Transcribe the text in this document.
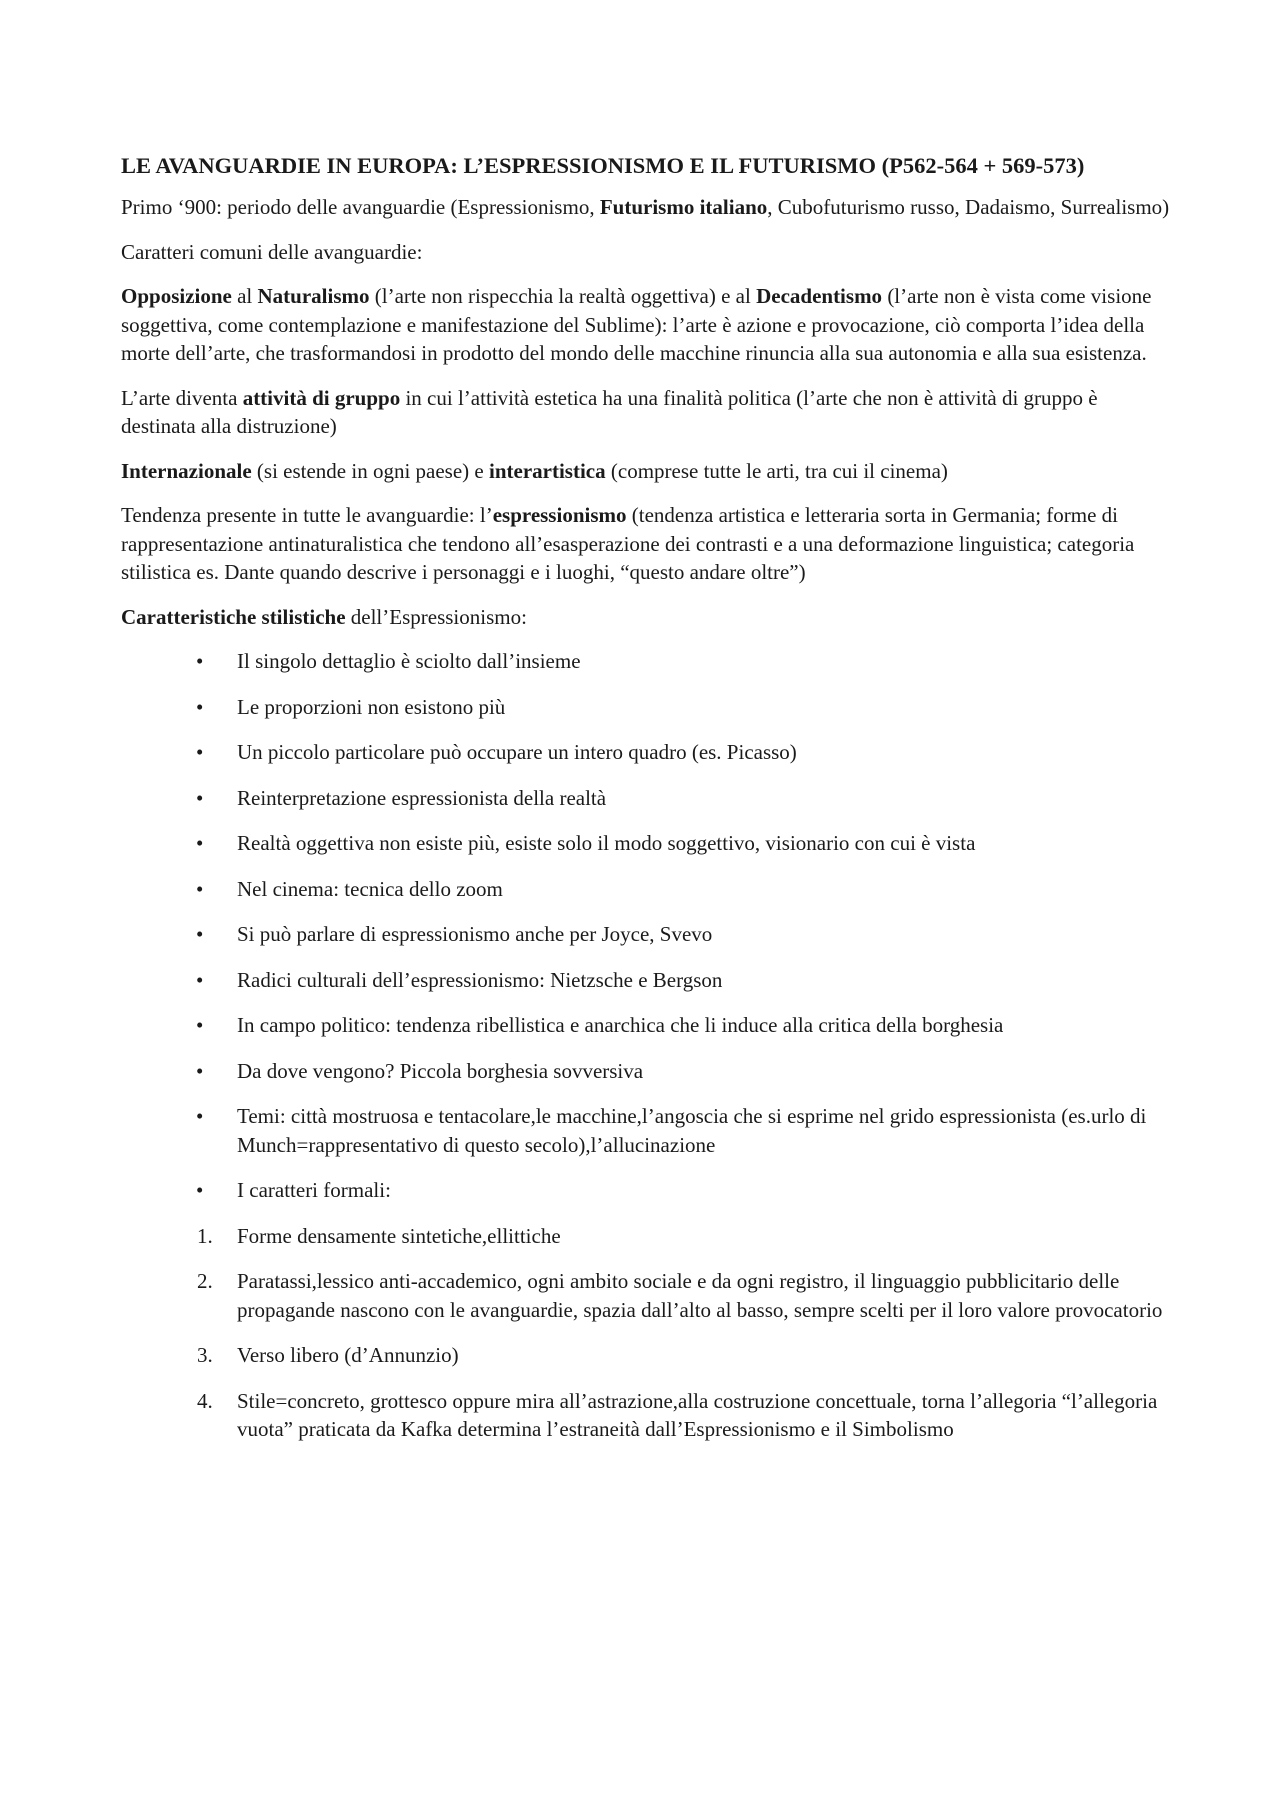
LE AVANGUARDIE IN EUROPA: L’ESPRESSIONISMO E IL FUTURISMO (P562-564 + 569-573)

Primo ‘900: periodo delle avanguardie (Espressionismo, Futurismo italiano, Cubofuturismo russo, Dadaismo, Surrealismo)

Caratteri comuni delle avanguardie:

Opposizione al Naturalismo (l’arte non rispecchia la realtà oggettiva) e al Decadentismo (l’arte non è vista come visione soggettiva, come contemplazione e manifestazione del Sublime): l’arte è azione e provocazione, ciò comporta l’idea della morte dell’arte, che trasformandosi in prodotto del mondo delle macchine rinuncia alla sua autonomia e alla sua esistenza.

L’arte diventa attività di gruppo in cui l’attività estetica ha una finalità politica (l’arte che non è attività di gruppo è destinata alla distruzione)

Internazionale (si estende in ogni paese) e interartistica (comprese tutte le arti, tra cui il cinema)

Tendenza presente in tutte le avanguardie: l’espressionismo (tendenza artistica e letteraria sorta in Germania; forme di rappresentazione antinaturalistica che tendono all’esasperazione dei contrasti e a una deformazione linguistica; categoria stilistica es. Dante quando descrive i personaggi e i luoghi, “questo andare oltre”)

Caratteristiche stilistiche dell’Espressionismo:

• Il singolo dettaglio è sciolto dall’insieme
• Le proporzioni non esistono più
• Un piccolo particolare può occupare un intero quadro (es. Picasso)
• Reinterpretazione espressionista della realtà
• Realtà oggettiva non esiste più, esiste solo il modo soggettivo, visionario con cui è vista
• Nel cinema: tecnica dello zoom
• Si può parlare di espressionismo anche per Joyce, Svevo
• Radici culturali dell’espressionismo: Nietzsche e Bergson
• In campo politico: tendenza ribellistica e anarchica che li induce alla critica della borghesia
• Da dove vengono? Piccola borghesia sovversiva
• Temi: città mostruosa e tentacolare,le macchine,l’angoscia che si esprime nel grido espressionista (es.urlo di Munch=rappresentativo di questo secolo),l’allucinazione
• I caratteri formali:
1. Forme densamente sintetiche,ellittiche
2. Paratassi,lessico anti-accademico, ogni ambito sociale e da ogni registro, il linguaggio pubblicitario delle propagande nascono con le avanguardie, spazia dall’alto al basso, sempre scelti per il loro valore provocatorio
3. Verso libero (d’Annunzio)
4. Stile=concreto, grottesco oppure mira all’astrazione,alla costruzione concettuale, torna l’allegoria “l’allegoria vuota” praticata da Kafka determina l’estraneità dall’Espressionismo e il Simbolismo
